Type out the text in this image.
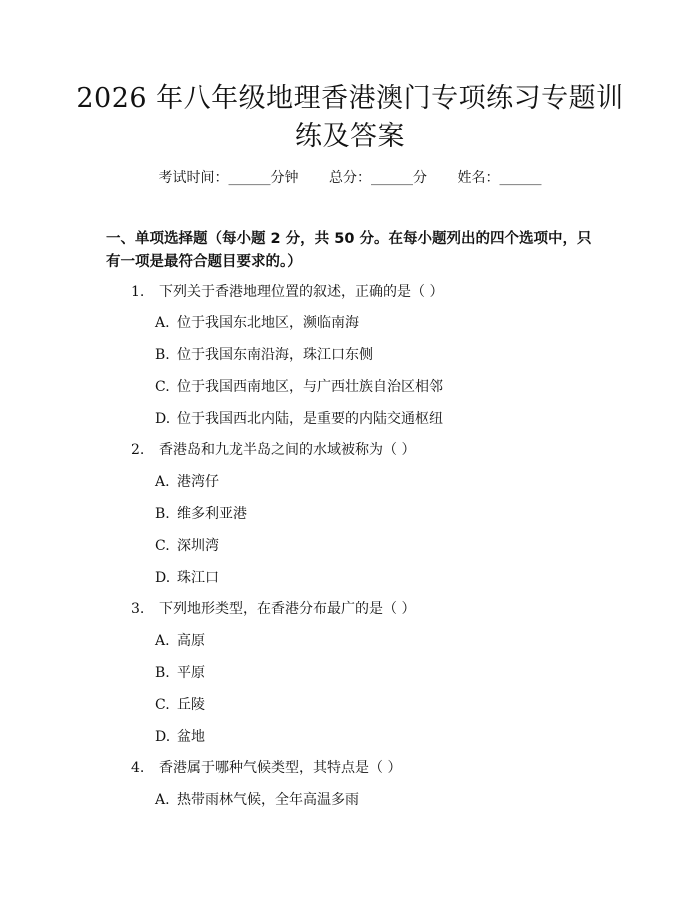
2026 年八年级地理香港澳门专项练习专题训
练及答案
考试时间：______分钟 总分：______分 姓名：______
一、单项选择题（每小题 2 分，共 50 分。在每小题列出的四个选项中，只有一项是最符合题目要求的。）
1. 下列关于香港地理位置的叙述，正确的是（ ）
A. 位于我国东北地区，濒临南海
B. 位于我国东南沿海，珠江口东侧
C. 位于我国西南地区，与广西壮族自治区相邻
D. 位于我国西北内陆，是重要的内陆交通枢纽
2. 香港岛和九龙半岛之间的水域被称为（ ）
A. 港湾仔
B. 维多利亚港
C. 深圳湾
D. 珠江口
3. 下列地形类型，在香港分布最广的是（ ）
A. 高原
B. 平原
C. 丘陵
D. 盆地
4. 香港属于哪种气候类型，其特点是（ ）
A. 热带雨林气候，全年高温多雨
